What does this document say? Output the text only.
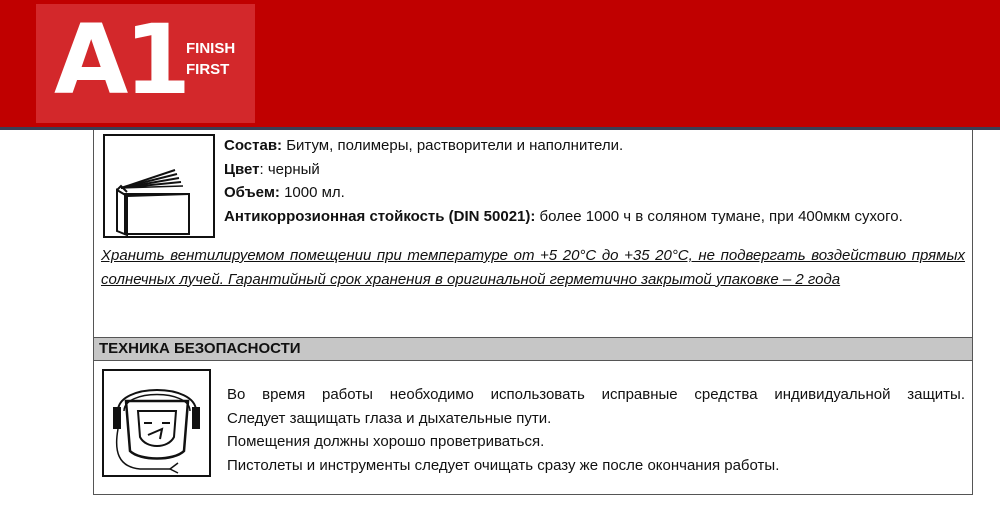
A1
FINISH
FIRST
Состав: Битум, полимеры, растворители и наполнители.
Цвет: черный
Объем: 1000 мл.
Антикоррозионная стойкость (DIN 50021): более 1000 ч в соляном тумане, при 400мкм сухого.
Хранить вентилируемом помещении при температуре от +5 20°C до +35 20°C, не подвергать воздействию прямых солнечных лучей. Гарантийный срок хранения в оригинальной герметично закрытой упаковке – 2 года
ТЕХНИКА БЕЗОПАСНОСТИ
Во время работы необходимо использовать исправные средства индивидуальной защиты.
Следует защищать глаза и дыхательные пути.
Помещения должны хорошо проветриваться.
Пистолеты и инструменты следует очищать сразу же после окончания работы.
